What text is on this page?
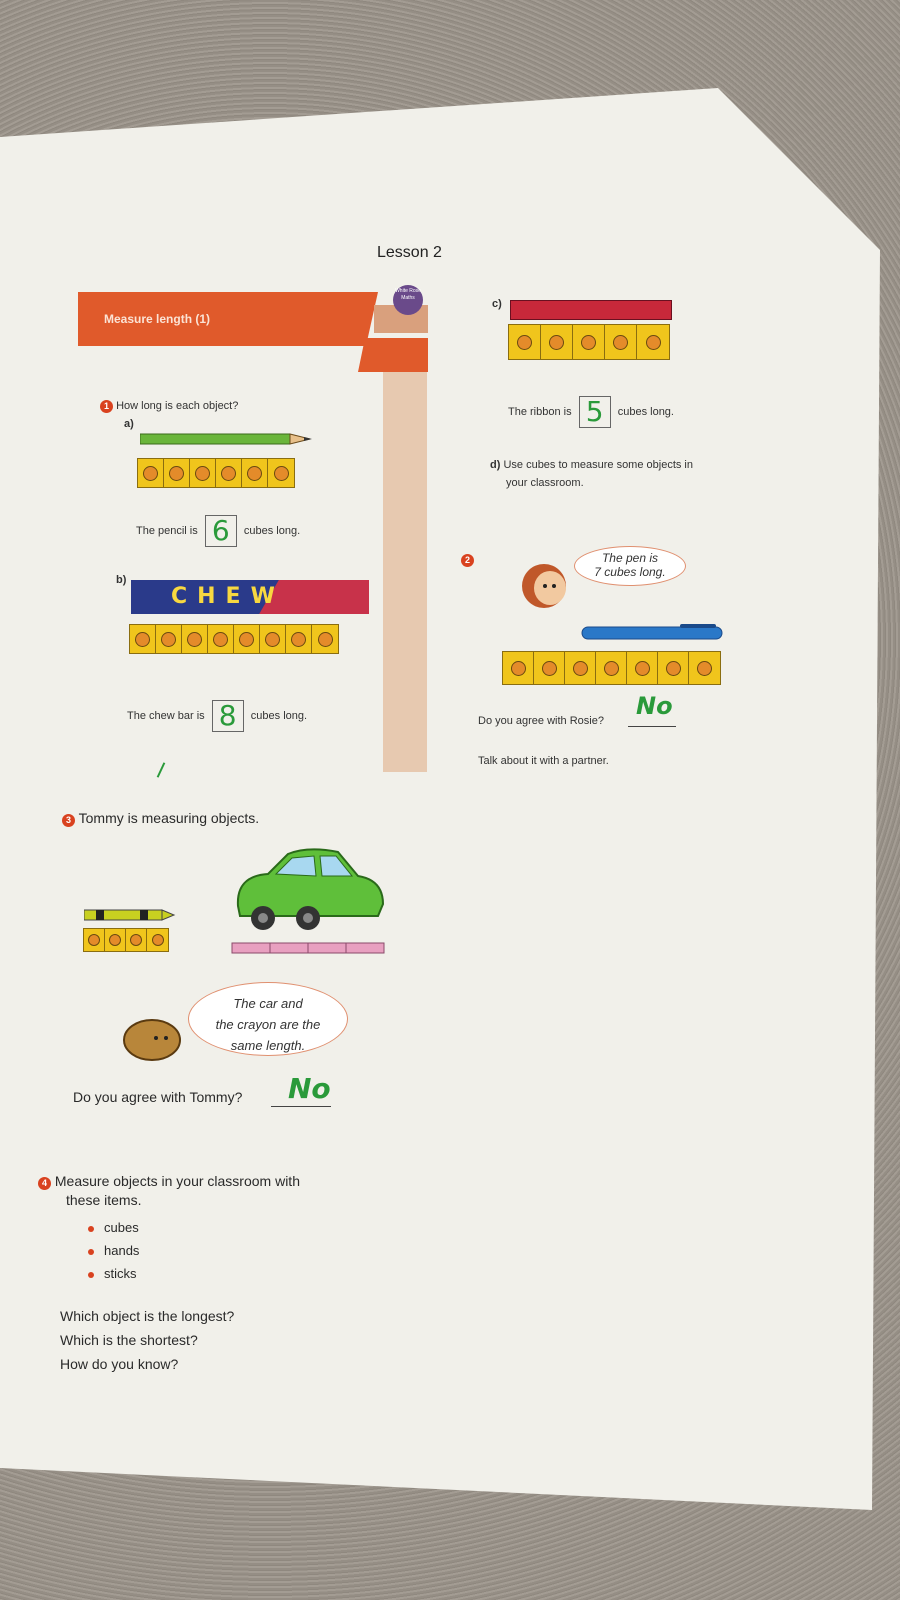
Lesson 2
Measure length (1)
White Rose Maths
1 How long is each object?
a)
The pencil is 6 cubes long.
b)
CHEW
The chew bar is 8 cubes long.
c)
The ribbon is 5 cubes long.
d) Use cubes to measure some objects in
your classroom.
2	The pen is
7 cubes long.
Do you agree with Rosie?
No
Talk about it with a partner.
3 Tommy is measuring objects.
The car and
the crayon are the
same length.
Do you agree with Tommy? No
4 Measure objects in your classroom with
these items.
cubes
hands
sticks
Which object is the longest?
Which is the shortest?
How do you know?
